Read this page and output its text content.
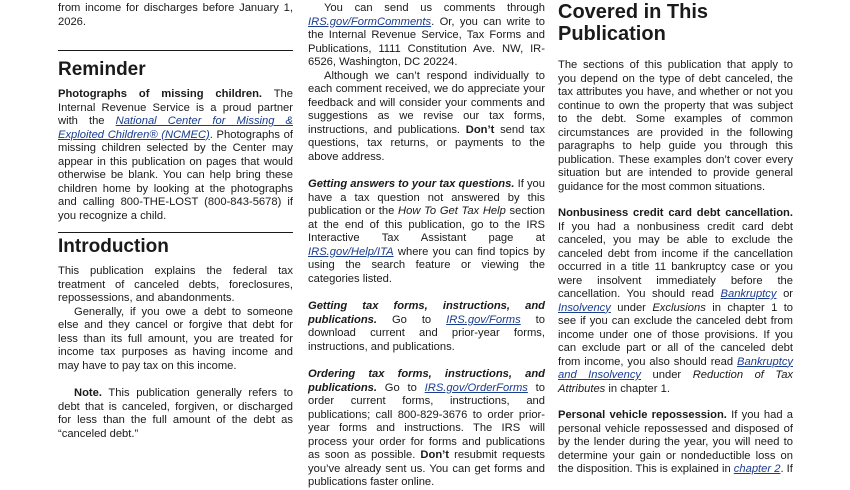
from income for discharges before January 1, 2026.

Reminder

Photographs of missing children. The Internal Revenue Service is a proud partner with the National Center for Missing & Exploited Children® (NCMEC). Photographs of missing children selected by the Center may appear in this publication on pages that would otherwise be blank. You can help bring these children home by looking at the photographs and calling 800-THE-LOST (800-843-5678) if you recognize a child.

Introduction

This publication explains the federal tax treatment of canceled debts, foreclosures, repossessions, and abandonments.

Generally, if you owe a debt to someone else and they cancel or forgive that debt for less than its full amount, you are treated for income tax purposes as having income and may have to pay tax on this income.

Note. This publication generally refers to debt that is canceled, forgiven, or discharged for less than the full amount of the debt as “canceled debt.”

You can send us comments through IRS.gov/FormComments. Or, you can write to the Internal Revenue Service, Tax Forms and Publications, 1111 Constitution Ave. NW, IR-6526, Washington, DC 20224.

Although we can’t respond individually to each comment received, we do appreciate your feedback and will consider your comments and suggestions as we revise our tax forms, instructions, and publications. Don’t send tax questions, tax returns, or payments to the above address.

Getting answers to your tax questions. If you have a tax question not answered by this publication or the How To Get Tax Help section at the end of this publication, go to the IRS Interactive Tax Assistant page at IRS.gov/Help/ITA where you can find topics by using the search feature or viewing the categories listed.

Getting tax forms, instructions, and publications. Go to IRS.gov/Forms to download current and prior-year forms, instructions, and publications.

Ordering tax forms, instructions, and publications. Go to IRS.gov/OrderForms to order current forms, instructions, and publications; call 800-829-3676 to order prior-year forms and instructions. The IRS will process your order for forms and publications as soon as possible. Don’t resubmit requests you’ve already sent us. You can get forms and publications faster online.

Covered in This Publication

The sections of this publication that apply to you depend on the type of debt canceled, the tax attributes you have, and whether or not you continue to own the property that was subject to the debt. Some examples of common circumstances are provided in the following paragraphs to help guide you through this publication. These examples don’t cover every situation but are intended to provide general guidance for the most common situations.

Nonbusiness credit card debt cancellation. If you had a nonbusiness credit card debt canceled, you may be able to exclude the canceled debt from income if the cancellation occurred in a title 11 bankruptcy case or you were insolvent immediately before the cancellation. You should read Bankruptcy or Insolvency under Exclusions in chapter 1 to see if you can exclude the canceled debt from income under one of those provisions. If you can exclude part or all of the canceled debt from income, you also should read Bankruptcy and Insolvency under Reduction of Tax Attributes in chapter 1.

Personal vehicle repossession. If you had a personal vehicle repossessed and disposed of by the lender during the year, you will need to determine your gain or nondeductible loss on the disposition. This is explained in chapter 2. If
